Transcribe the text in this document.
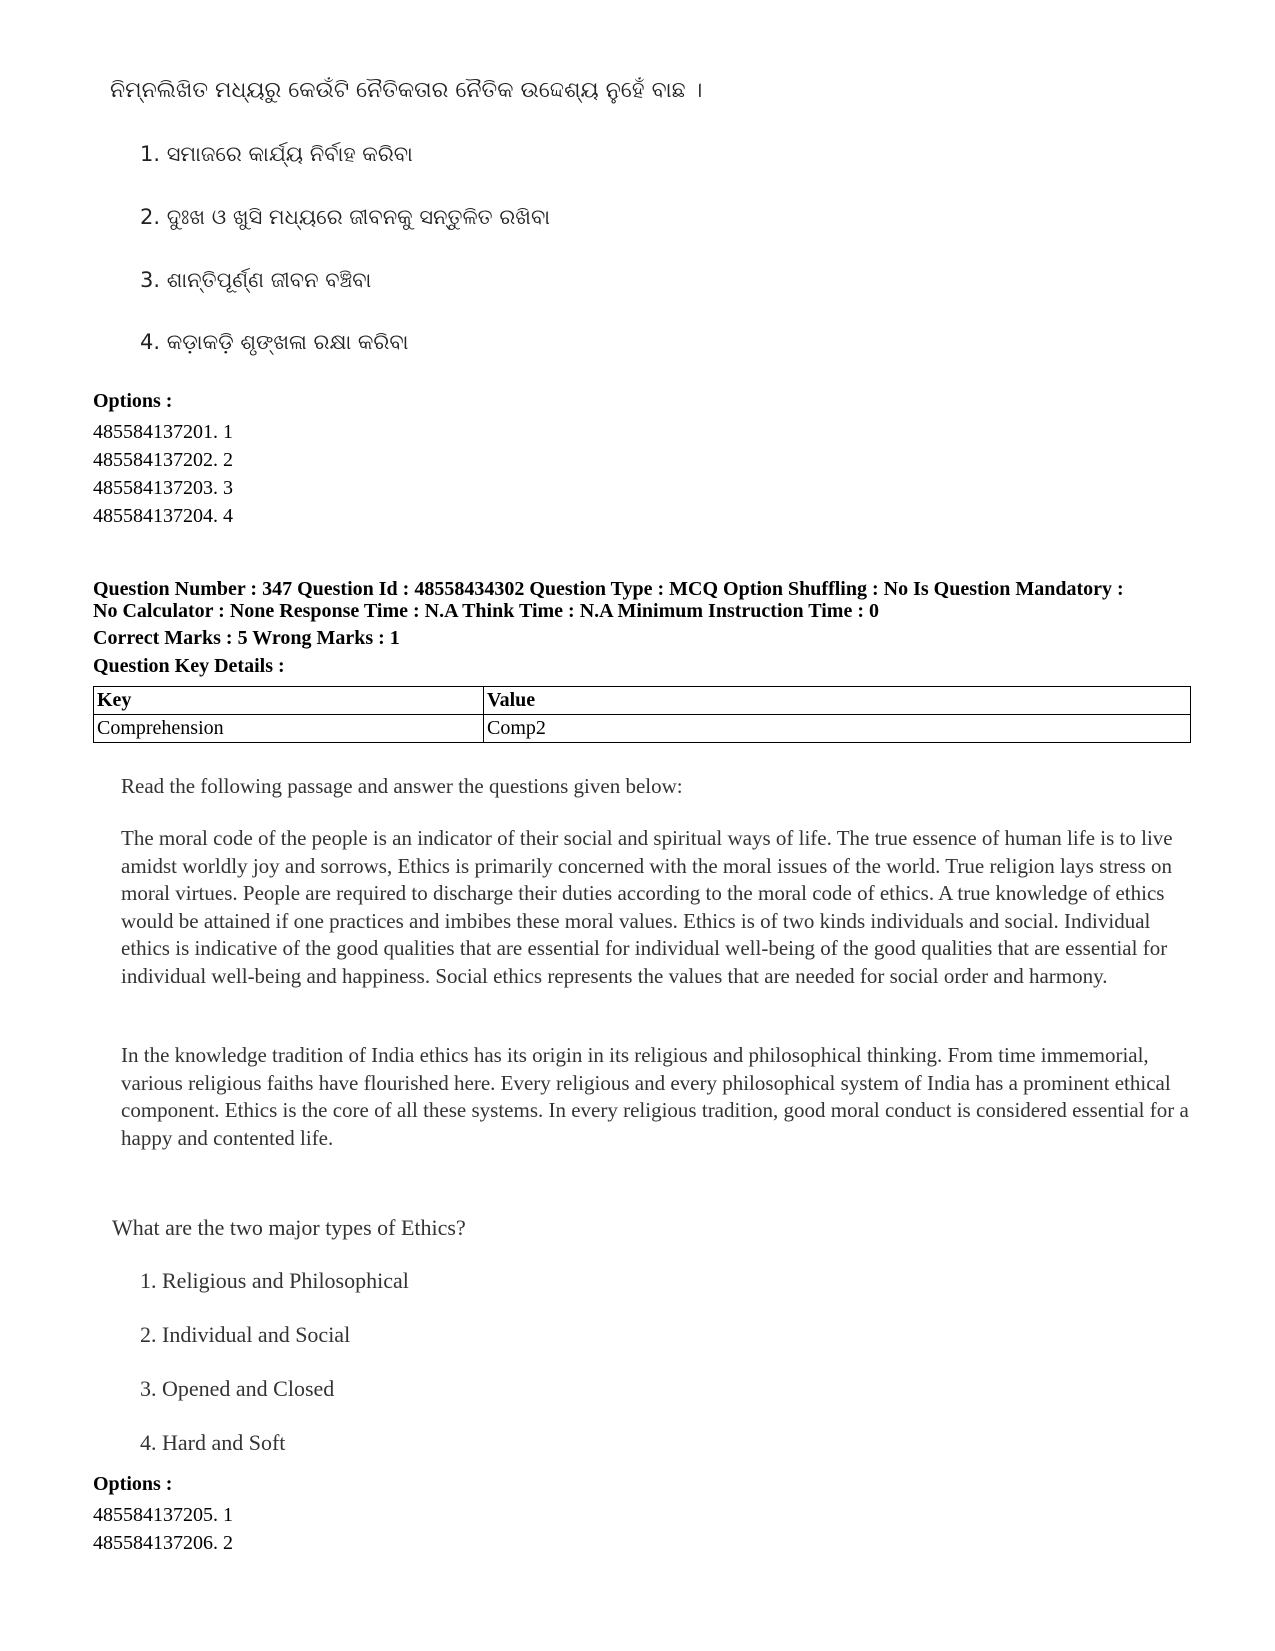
ନିମ୍ନଲିଖିତ ମଧ୍ୟରୁ କେଉଁଟି ନୈତିକତାର ନୈତିକ ଉଦ୍ଦେଶ୍ୟ ନୁହେଁ ବାଛ ।
1. ସମାଜରେ କାର୍ଯ୍ୟ ନିର୍ବାହ କରିବା
2. ଦୁଃଖ ଓ ଖୁସି ମଧ୍ୟରେ ଜୀବନକୁ ସନ୍ତୁଳିତ ରଖିବା
3. ଶାନ୍ତିପୂର୍ଣ୍ଣ ଜୀବନ ବଞ୍ଚିବା
4. କଡ଼ାକଡ଼ି ଶୃଙ୍ଖଳା ରକ୍ଷା କରିବା
Options :
485584137201. 1
485584137202. 2
485584137203. 3
485584137204. 4
Question Number : 347 Question Id : 48558434302 Question Type : MCQ Option Shuffling : No Is Question Mandatory :
No Calculator : None Response Time : N.A Think Time : N.A Minimum Instruction Time : 0
Correct Marks : 5 Wrong Marks : 1
Question Key Details :
Key	Value
Comprehension	Comp2
Read the following passage and answer the questions given below:
The moral code of the people is an indicator of their social and spiritual ways of life. The true essence of human life is to live amidst worldly joy and sorrows, Ethics is primarily concerned with the moral issues of the world. True religion lays stress on moral virtues. People are required to discharge their duties according to the moral code of ethics. A true knowledge of ethics would be attained if one practices and imbibes these moral values. Ethics is of two kinds individuals and social. Individual ethics is indicative of the good qualities that are essential for individual well-being of the good qualities that are essential for individual well-being and happiness. Social ethics represents the values that are needed for social order and harmony.
In the knowledge tradition of India ethics has its origin in its religious and philosophical thinking. From time immemorial, various religious faiths have flourished here. Every religious and every philosophical system of India has a prominent ethical component. Ethics is the core of all these systems. In every religious tradition, good moral conduct is considered essential for a happy and contented life.
What are the two major types of Ethics?
1. Religious and Philosophical
2. Individual and Social
3. Opened and Closed
4. Hard and Soft
Options :
485584137205. 1
485584137206. 2
